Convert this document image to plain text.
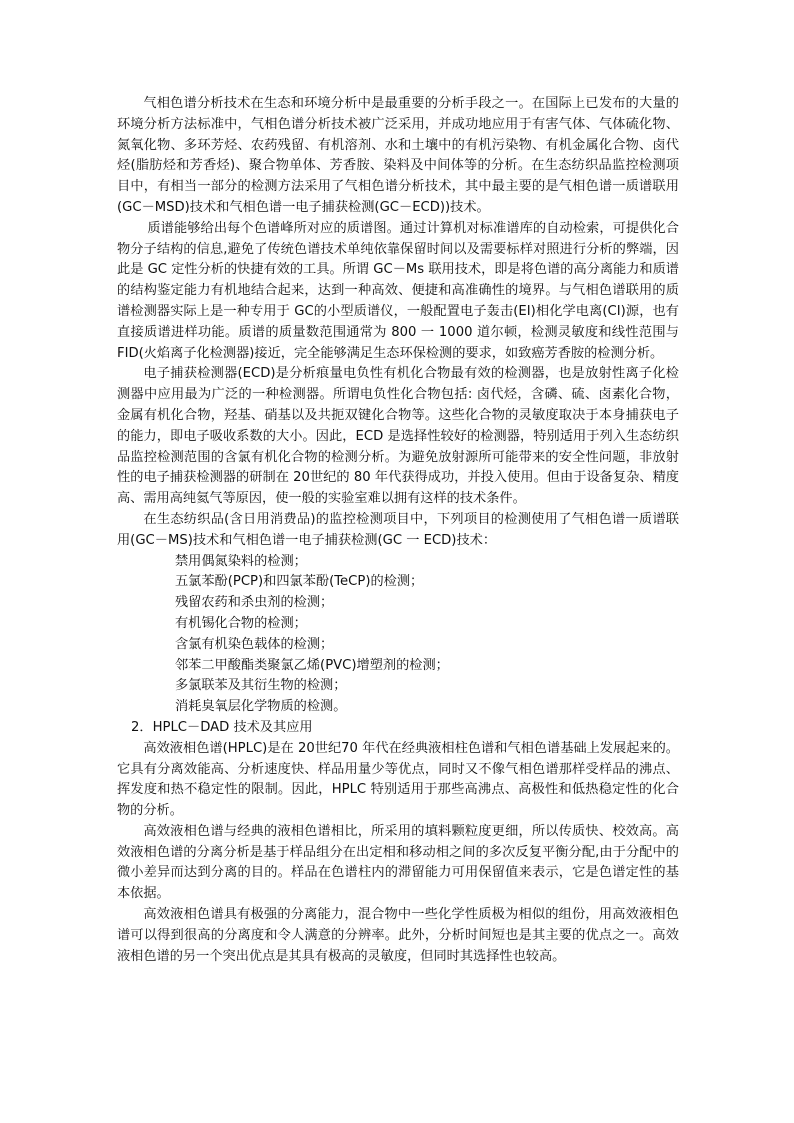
气相色谱分析技术在生态和环境分析中是最重要的分析手段之一。在国际上已发布的大量的环境分析方法标准中，气相色谱分析技术被广泛采用，并成功地应用于有害气体、气体硫化物、氮氧化物、多环芳烃、农药残留、有机溶剂、水和土壤中的有机污染物、有机金属化合物、卤代烃(脂肪烃和芳香烃)、聚合物单体、芳香胺、染料及中间体等的分析。在生态纺织品监控检测项目中，有相当一部分的检测方法采用了气相色谱分析技术，其中最主要的是气相色谱一质谱联用(GC－MSD)技术和气相色谱一电子捕获检测(GC－ECD))技术。

质谱能够给出每个色谱峰所对应的质谱图。通过计算机对标准谱库的自动检索，可提供化合物分子结构的信息,避免了传统色谱技术单纯依靠保留时间以及需要标样对照进行分析的弊端，因此是 GC 定性分析的快捷有效的工具。所谓 GC－Ms 联用技术，即是将色谱的高分离能力和质谱的结构鉴定能力有机地结合起来，达到一种高效、便捷和高准确性的境界。与气相色谱联用的质谱检测器实际上是一种专用于 GC的小型质谱仪，一般配置电子轰击(EI)相化学电离(CI)源，也有直接质谱进样功能。质谱的质量数范围通常为 800 一 1000 道尔顿，检测灵敏度和线性范围与FID(火焰离子化检测器)接近，完全能够满足生态环保检测的要求，如致癌芳香胺的检测分析。

电子捕获检测器(ECD)是分析痕量电负性有机化合物最有效的检测器，也是放射性离子化检测器中应用最为广泛的一种检测器。所谓电负性化合物包括: 卤代烃，含磷、硫、卤素化合物，金属有机化合物，羟基、硝基以及共扼双键化合物等。这些化合物的灵敏度取决于本身捕获电子的能力，即电子吸收系数的大小。因此，ECD 是选择性较好的检测器，特别适用于列入生态纺织品监控检测范围的含氯有机化合物的检测分析。为避免放射源所可能带来的安全性问题，非放射性的电子捕获检测器的研制在 20世纪的 80 年代获得成功，并投入使用。但由于设备复杂、精度高、需用高纯氦气等原因，使一般的实验室难以拥有这样的技术条件。

在生态纺织品(含日用消费品)的监控检测项目中，下列项目的检测使用了气相色谱一质谱联用(GC－MS)技术和气相色谱一电子捕获检测(GC 一 ECD)技术：

禁用偶氮染料的检测；
五氯苯酚(PCP)和四氯苯酚(TeCP)的检测；
残留农药和杀虫剂的检测；
有机锡化合物的检测；
含氯有机染色载体的检测；
邻苯二甲酸酯类聚氯乙烯(PVC)增塑剂的检测；
多氯联苯及其衍生物的检测；
消耗臭氧层化学物质的检测。
2．HPLC－DAD 技术及其应用

高效液相色谱(HPLC)是在 20世纪70 年代在经典液相柱色谱和气相色谱基础上发展起来的。它具有分离效能高、分析速度快、样品用量少等优点，同时又不像气相色谱那样受样品的沸点、挥发度和热不稳定性的限制。因此，HPLC 特别适用于那些高沸点、高极性和低热稳定性的化合物的分析。

高效液相色谱与经典的液相色谱相比，所采用的填料颗粒度更细，所以传质快、校效高。高效液相色谱的分离分析是基于样品组分在出定相和移动相之间的多次反复平衡分配,由于分配中的微小差异而达到分离的目的。样品在色谱柱内的滞留能力可用保留值来表示，它是色谱定性的基本依据。

高效液相色谱具有极强的分离能力，混合物中一些化学性质极为相似的组份，用高效液相色谱可以得到很高的分离度和令人满意的分辨率。此外，分析时间短也是其主要的优点之一。高效液相色谱的另一个突出优点是其具有极高的灵敏度，但同时其选择性也较高。
